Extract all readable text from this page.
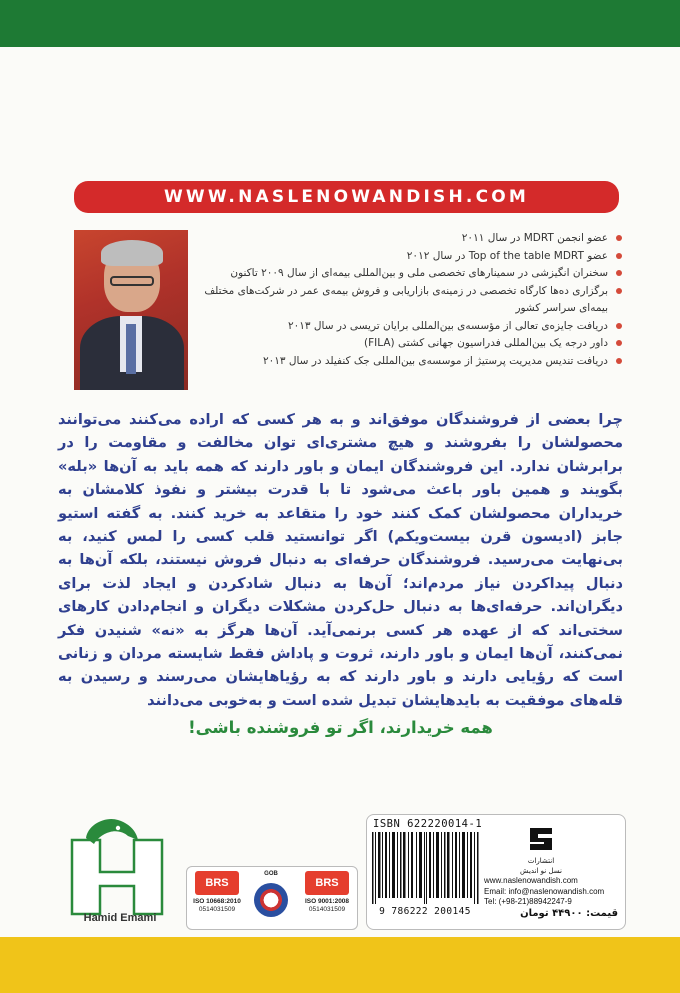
WWW.NASLENOWANDISH.COM
عضو انجمن MDRT در سال ۲۰۱۱
عضو Top of the table MDRT در سال ۲۰۱۲
سخنران انگیزشی در سمینارهای تخصصی ملی و بین‌المللی بیمه‌ای از سال ۲۰۰۹ تاکنون
برگزاری ده‌ها کارگاه تخصصی در زمینه‌ی بازاریابی و فروش بیمه‌ی عمر در شرکت‌های مختلف بیمه‌ای سراسر کشور
دریافت جایزه‌ی تعالی از مؤسسه‌ی بین‌المللی برایان تریسی در سال ۲۰۱۳
داور درجه یک بین‌المللی فدراسیون جهانی کشتی (FILA)
دریافت تندیس مدیریت پرستیژ از موسسه‌ی بین‌المللی جک کنفیلد در سال ۲۰۱۳

چرا بعضی از فروشندگان موفق‌اند و به هر کسی که اراده می‌کنند می‌توانند محصولشان را بفروشند و هیچ مشتری‌ای توان مخالفت و مقاومت را در برابرشان ندارد. این فروشندگان ایمان و باور دارند که همه باید به آن‌ها «بله» بگویند و همین باور باعث می‌شود تا با قدرت بیشتر و نفوذ کلامشان به خریداران محصولشان کمک کنند خود را متقاعد به خرید کنند. به گفته استیو جابز (ادیسون قرن بیست‌ویکم) اگر توانستید قلب کسی را لمس کنید، به بی‌نهایت می‌رسید. فروشندگان حرفه‌ای به دنبال فروش نیستند، بلکه آن‌ها به دنبال پیداکردن نیاز مردم‌اند؛ آن‌ها به دنبال شادکردن و ایجاد لذت برای دیگران‌اند. حرفه‌ای‌ها به دنبال حل‌کردن مشکلات دیگران و انجام‌دادن کارهای سختی‌اند که از عهده هر کسی برنمی‌آید. آن‌ها هرگز به «نه» شنیدن فکر نمی‌کنند، آن‌ها ایمان و باور دارند، ثروت و پاداش فقط شایسته مردان و زنانی است که رؤیایی دارند و باور دارند که به رؤیاهایشان می‌رسند و رسیدن به قله‌های موفقیت به بایدهایشان تبدیل شده است و به‌خوبی می‌دانند

همه خریدارند، اگر تو فروشنده باشی!

Hamid Emami
BRS
ISO 10668:2010
0514031509
GOB
BRS
ISO 9001:2008
0514031509
ISBN 622220014-1
9 786222 200145
انتشارات
نسل نو اندیش
www.naslenowandish.com
Email: info@naslenowandish.com
Tel: (+98-21)88942247-9
قیمت: ۴۴۹۰۰ تومان
